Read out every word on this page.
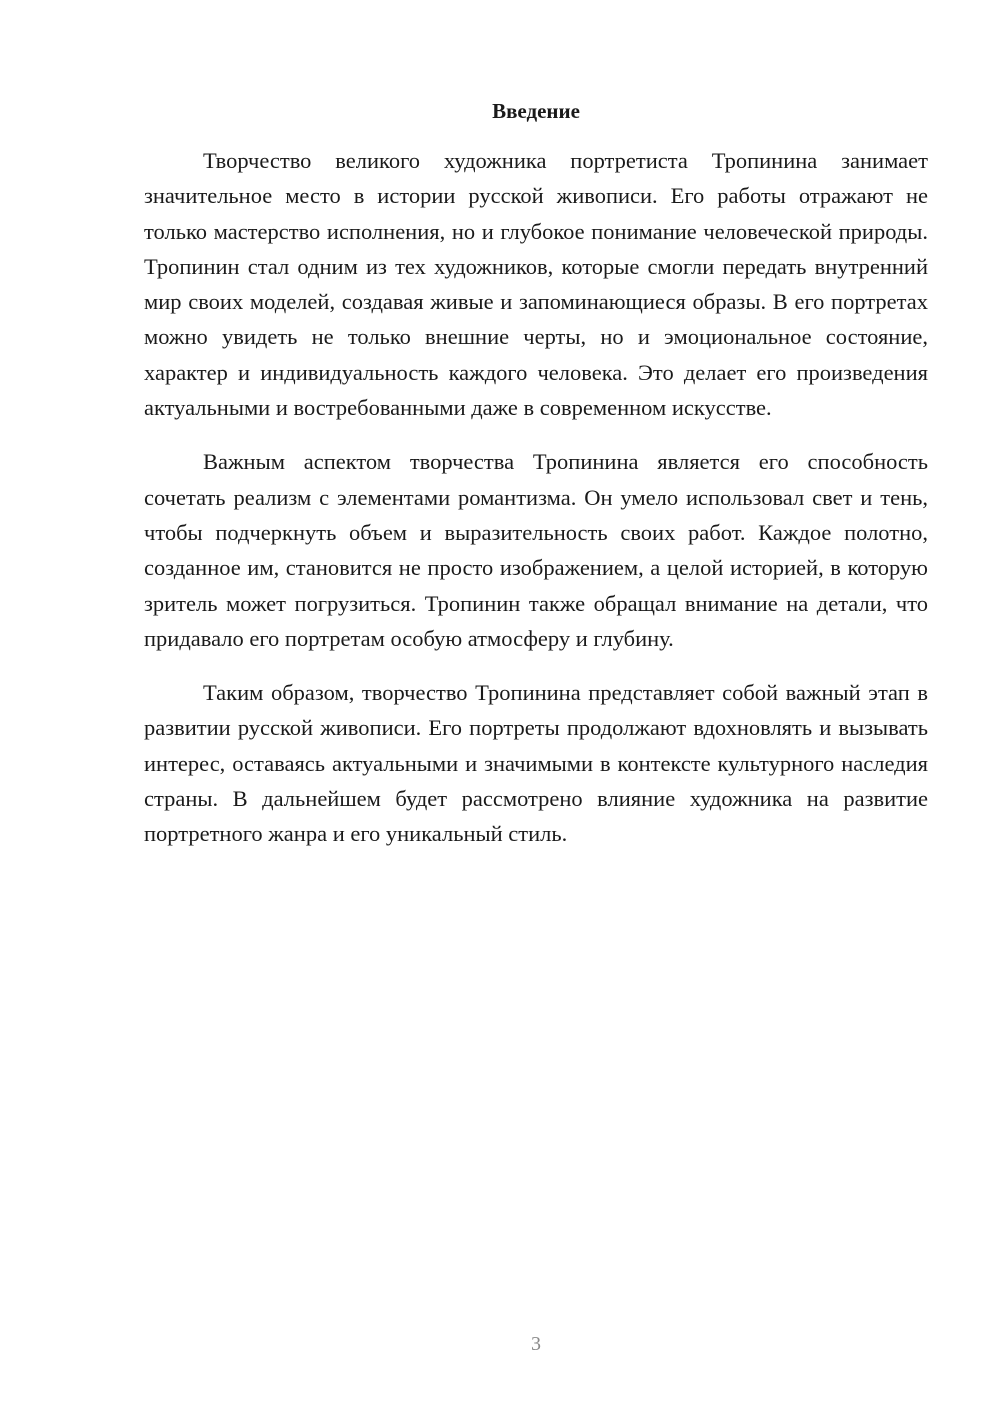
Введение

Творчество великого художника портретиста Тропинина занимает значительное место в истории русской живописи. Его работы отражают не только мастерство исполнения, но и глубокое понимание человеческой природы. Тропинин стал одним из тех художников, которые смогли передать внутренний мир своих моделей, создавая живые и запоминающиеся образы. В его портретах можно увидеть не только внешние черты, но и эмоциональное состояние, характер и индивидуальность каждого человека. Это делает его произведения актуальными и востребованными даже в современном искусстве.

Важным аспектом творчества Тропинина является его способность сочетать реализм с элементами романтизма. Он умело использовал свет и тень, чтобы подчеркнуть объем и выразительность своих работ. Каждое полотно, созданное им, становится не просто изображением, а целой историей, в которую зритель может погрузиться. Тропинин также обращал внимание на детали, что придавало его портретам особую атмосферу и глубину.

Таким образом, творчество Тропинина представляет собой важный этап в развитии русской живописи. Его портреты продолжают вдохновлять и вызывать интерес, оставаясь актуальными и значимыми в контексте культурного наследия страны. В дальнейшем будет рассмотрено влияние художника на развитие портретного жанра и его уникальный стиль.

3
